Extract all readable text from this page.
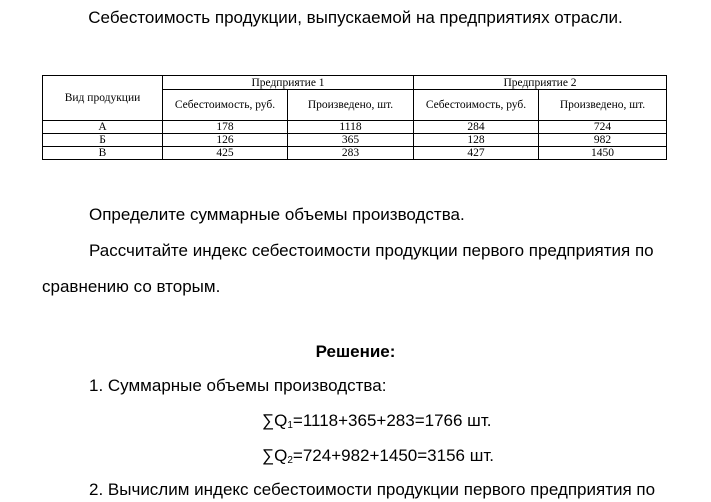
Себестоимость продукции, выпускаемой на предприятиях отрасли.
Вид продукции	Предприятие 1		Предприятие 2	
	Себестоимость, руб.	Произведено, шт.	Себестоимость, руб.	Произведено, шт.
А	178	1118	284	724
Б	126	365	128	982
В	425	283	427	1450
Определите суммарные объемы производства.
Рассчитайте индекс себестоимости продукции первого предприятия по
сравнению со вторым.
Решение:
1. Суммарные объемы производства:
$\sum Q_1=1118+365+283=1766$ шт.
$\sum Q_2=724+982+1450=3156$ шт.
2. Вычислим индекс себестоимости продукции первого предприятия по
